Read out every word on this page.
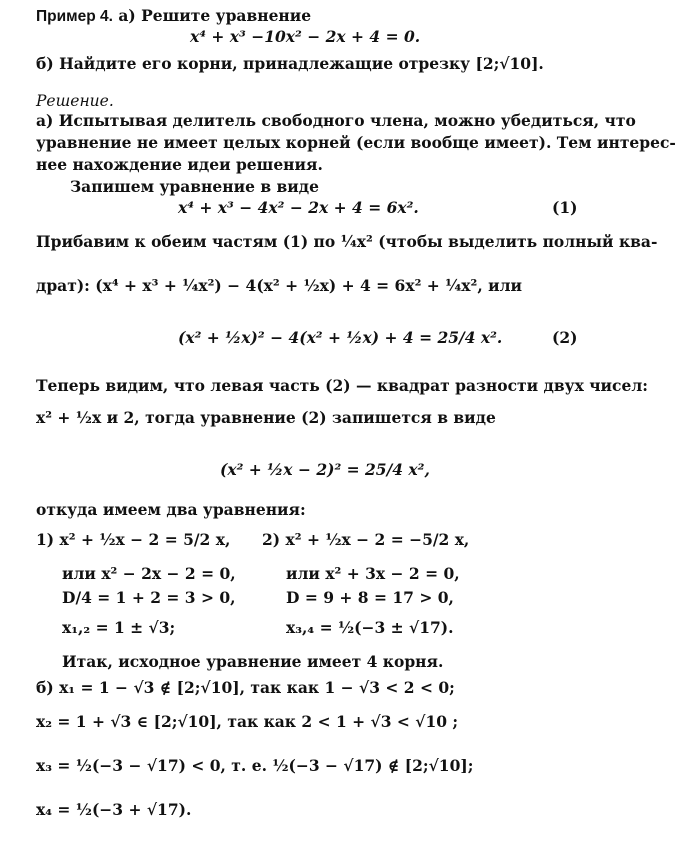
Пример 4. а) Решите уравнение
x⁴ + x³ −10x² − 2x + 4 = 0.
б) Найдите его корни, принадлежащие отрезку [2;√10].
Решение.
а) Испытывая делитель свободного члена, можно убедиться, что
уравнение не имеет целых корней (если вообще имеет). Тем интерес-
нее нахождение идеи решения.
Запишем уравнение в виде
x⁴ + x³ − 4x² − 2x + 4 = 6x².	(1)
Прибавим к обеим частям (1) по ¼x² (чтобы выделить полный ква-
драт): (x⁴ + x³ + ¼x²) − 4(x² + ½x) + 4 = 6x² + ¼x², или
(x² + ½x)² − 4(x² + ½x) + 4 = 25/4 x².	(2)
Теперь видим, что левая часть (2) — квадрат разности двух чисел:
x² + ½x и 2, тогда уравнение (2) запишется в виде
(x² + ½x − 2)² = 25/4 x²,
откуда имеем два уравнения:
1) x² + ½x − 2 = 5/2 x,
или x² − 2x − 2 = 0,
D/4 = 1 + 2 = 3 > 0,
x₁,₂ = 1 ± √3;
2) x² + ½x − 2 = −5/2 x,
или x² + 3x − 2 = 0,
D = 9 + 8 = 17 > 0,
x₃,₄ = ½(−3 ± √17).
Итак, исходное уравнение имеет 4 корня.
б) x₁ = 1 − √3 ∉ [2;√10], так как 1 − √3 < 2 < 0;
x₂ = 1 + √3 ∈ [2;√10], так как 2 < 1 + √3 < √10 ;
x₃ = ½(−3 − √17) < 0, т. е. ½(−3 − √17) ∉ [2;√10];
x₄ = ½(−3 + √17).
